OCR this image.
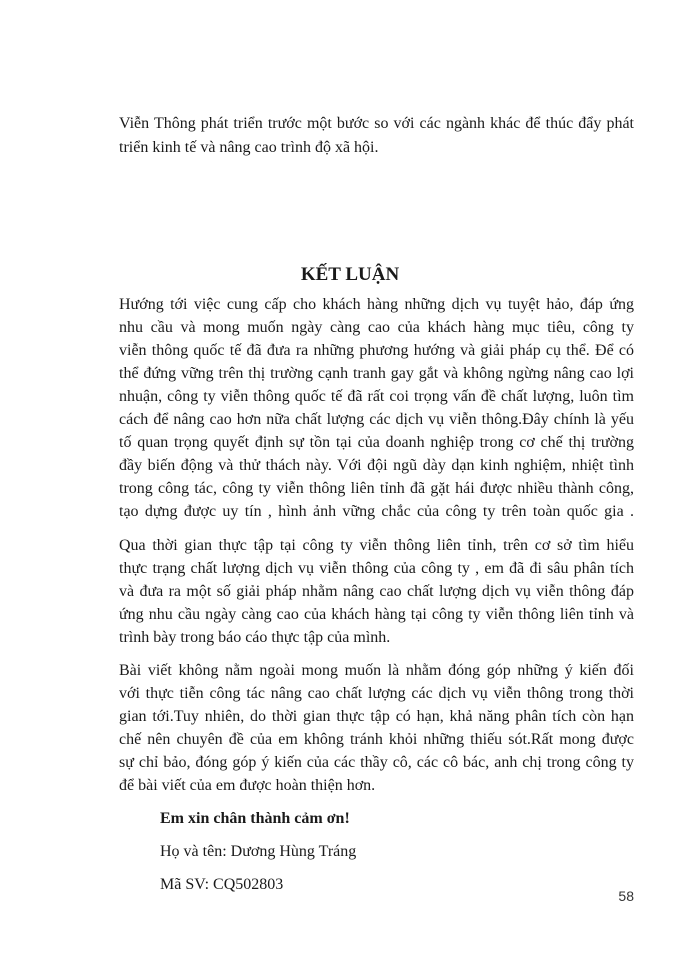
Viễn Thông phát triển trước một bước so với các ngành khác để thúc đẩy phát
triển kinh tế và nâng cao trình độ xã hội.
KẾT LUẬN
Hướng tới việc cung cấp cho khách hàng những dịch vụ tuyệt hảo, đáp ứng
nhu cầu và mong muốn ngày càng cao của khách hàng mục tiêu, công ty
viễn thông quốc tế đã đưa ra những phương hướng và giải pháp cụ thể. Để có
thể đứng vững trên thị trường cạnh tranh gay gắt và không ngừng nâng cao lợi
nhuận, công ty viễn thông quốc tế đã rất coi trọng vấn đề chất lượng, luôn tìm
cách để nâng cao hơn nữa chất lượng các dịch vụ viễn thông.Đây chính là yếu
tố quan trọng quyết định sự tồn tại của doanh nghiệp trong cơ chế thị trường
đầy biến động và thử thách này. Với đội ngũ dày dạn kinh nghiệm, nhiệt tình
trong công tác, công ty viễn thông liên tỉnh đã gặt hái được nhiều thành công,
tạo dựng được uy tín , hình ảnh vững chắc của công ty trên toàn quốc gia .
Qua thời gian thực tập tại công ty viễn thông liên tỉnh, trên cơ sở tìm hiểu
thực trạng chất lượng dịch vụ viễn thông của công ty , em đã đi sâu phân tích
và đưa ra một số giải pháp nhằm nâng cao chất lượng dịch vụ viễn thông đáp
ứng nhu cầu ngày càng cao của khách hàng tại công ty viễn thông liên tỉnh và
trình bày trong báo cáo thực tập của mình.
Bài viết không nằm ngoài mong muốn là nhằm đóng góp những ý kiến đối
với thực tiễn công tác nâng cao chất lượng các dịch vụ viễn thông trong thời
gian tới.Tuy nhiên, do thời gian thực tập có hạn, khả năng phân tích còn hạn
chế nên chuyên đề của em không tránh khỏi những thiếu sót.Rất mong được
sự chỉ bảo, đóng góp ý kiến của các thầy cô, các cô bác, anh chị trong công ty
để bài viết của em được hoàn thiện hơn.
Em xin chân thành cảm ơn!
Họ và tên: Dương Hùng Tráng
Mã SV: CQ502803
58
